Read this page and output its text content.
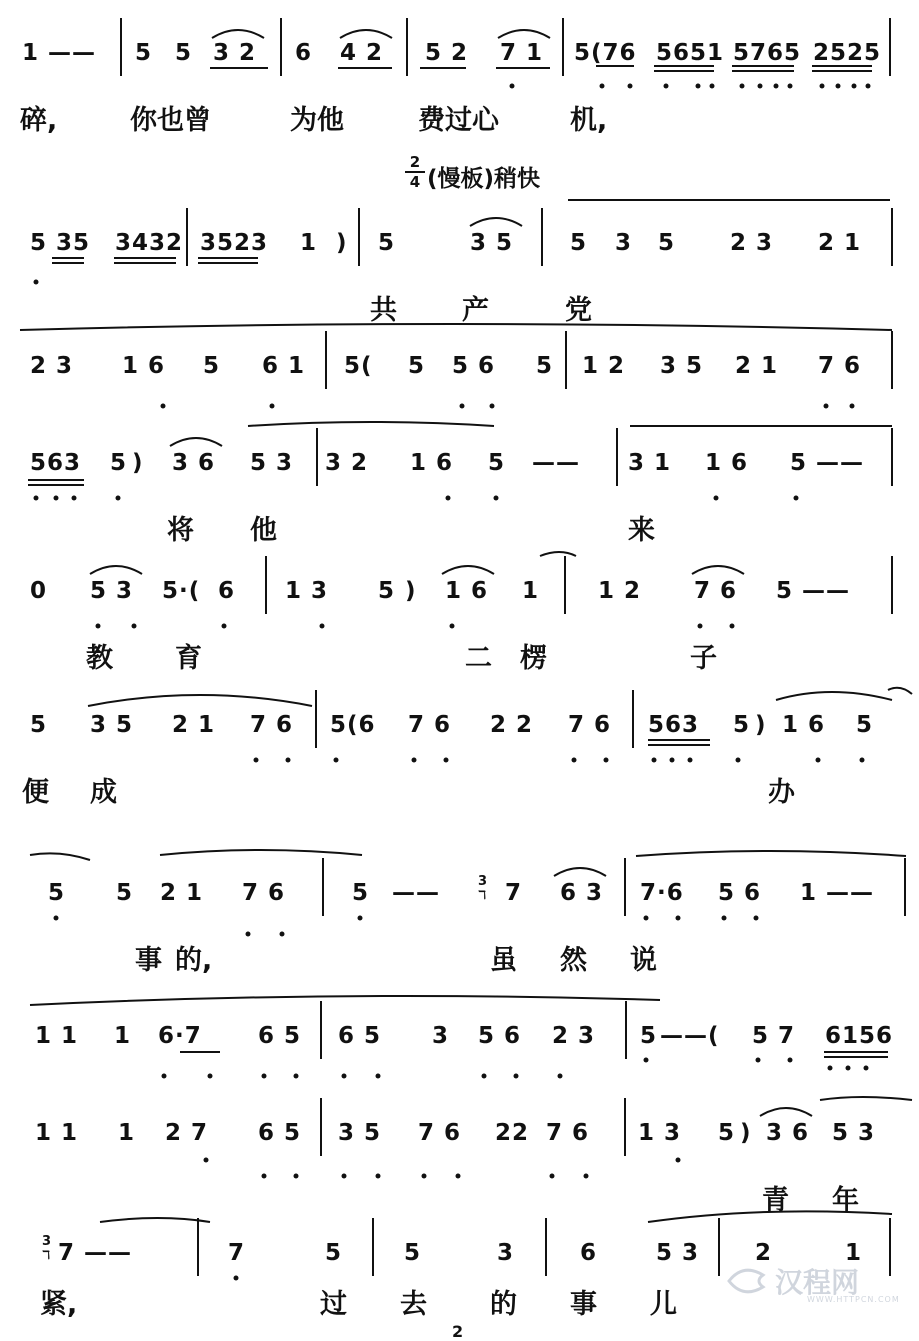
1 —— 5 5 3 2 6 4 2 5 2 7 1 5(76 5651 5765 2525
碎,	你也曾	为他	费过心	机,
2
4 (慢板)稍快
5 35 3432 3523 1 ) 5	3 5 5 3 5 2 3 2 1
共 产	党
2 3 1 6 5 6 1 5( 5 5 6 5 1 2 3 5 2 1 7 6
563 5 ) 3 6 5 3 3 2 1 6 5 —— 3 1 1 6 5 ——
将 他	来
0 5 3 5·( 6 1 3 5 ) 1 6 1	1 2 7 6 5 ——
教 育	二 楞	子
5 3 5 2 1 7 6 5(6 7 6 2 2 7 6 563 5 ) 1 6 5
便 成	办
5 5 2 1 7 6	5 ——	7 6 3 7·6 5 6 1 ——
3
ℸ
事 的,	虽 然 说
1 1 1 6·7 6 5 6 5 3 5 6 2 3 5 ——( 5 7 6156
1 1 1 2 7 6 5 3 5 7 6 22 7 6 1 3 5 ) 3 6 5 3
青 年
7 ——	7	5	5	3	6	5 3 2	1
3
ℸ
紧,	过 去 的 事 儿
汉程网
WWW.HTTPCN.COM
2
